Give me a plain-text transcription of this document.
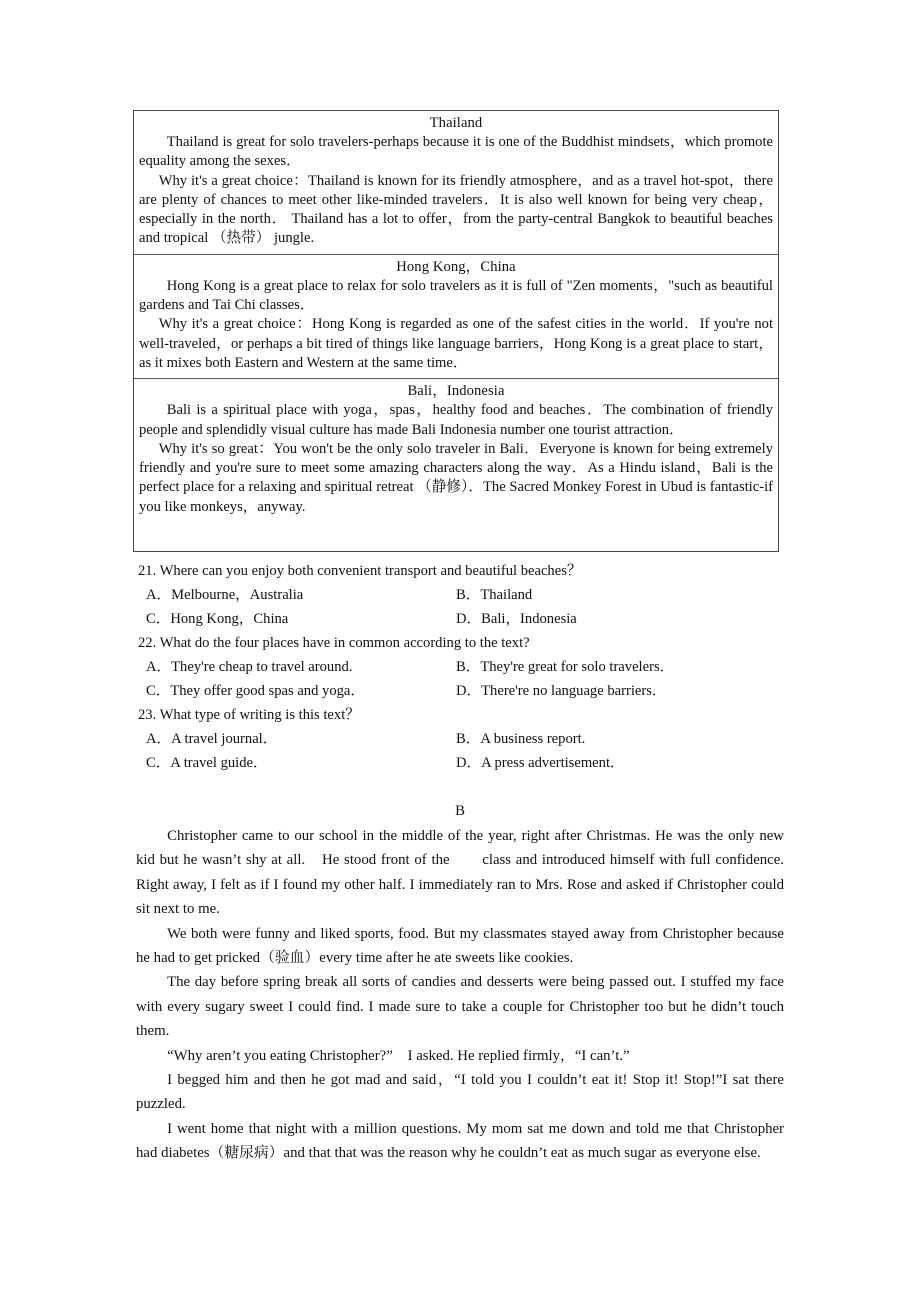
Thailand

Thailand is great for solo travelers-perhaps because it is one of the Buddhist mindsets，which promote equality among the sexes．

Why it's a great choice：Thailand is known for its friendly atmosphere，and as a travel hot-spot，there are plenty of chances to meet other like-minded travelers．It is also well known for being very cheap，especially in the north． Thailand has a lot to offer，from the party-central Bangkok to beautiful beaches and tropical （热带） jungle.

Hong Kong，China

Hong Kong is a great place to relax for solo travelers as it is full of "Zen moments，"such as beautiful gardens and Tai Chi classes．

Why it's a great choice：Hong Kong is regarded as one of the safest cities in the world．If you're not well-traveled，or perhaps a bit tired of things like language barriers，Hong Kong is a great place to start，as it mixes both Eastern and Western at the same time．

Bali，Indonesia

Bali is a spiritual place with yoga，spas，healthy food and beaches．The combination of friendly people and splendidly visual culture has made Bali Indonesia number one tourist attraction．

Why it's so great：You won't be the only solo traveler in Bali．Everyone is known for being extremely friendly and you're sure to meet some amazing characters along the way．As a Hindu island，Bali is the perfect place for a relaxing and spiritual retreat （静修）．The Sacred Monkey Forest in Ubud is fantastic-if you like monkeys，anyway.

21. Where can you enjoy both convenient transport and beautiful beaches？

A．Melbourne，Australia	B．Thailand
C．Hong Kong，China	D．Bali，Indonesia

22. What do the four places have in common according to the text?

A．They're cheap to travel around.	B．They're great for solo travelers．
C．They offer good spas and yoga．	D．There're no language barriers．

23. What type of writing is this text？

A．A travel journal．	B．A business report.
C．A travel guide．	D．A press advertisement．
B

Christopher came to our school in the middle of the year, right after Christmas. He was the only new kid but he wasn’t shy at all.　He stood front of the　　class and introduced himself with full confidence. Right away, I felt as if I found my other half. I immediately ran to Mrs. Rose and asked if Christopher could sit next to me.

We both were funny and liked sports, food. But my classmates stayed away from Christopher because he had to get pricked（验血）every time after he ate sweets like cookies.

The day before spring break all sorts of candies and desserts were being passed out. I stuffed my face with every sugary sweet I could find. I made sure to take a couple for Christopher too but he didn’t touch them.

“Why aren’t you eating Christopher?”　I asked. He replied firmly，“I can’t.”

I begged him and then he got mad and said，“I told you I couldn’t eat it! Stop it! Stop!”I sat there puzzled.

I went home that night with a million questions. My mom sat me down and told me that Christopher had diabetes（糖尿病）and that that was the reason why he couldn’t eat as much sugar as everyone else.
